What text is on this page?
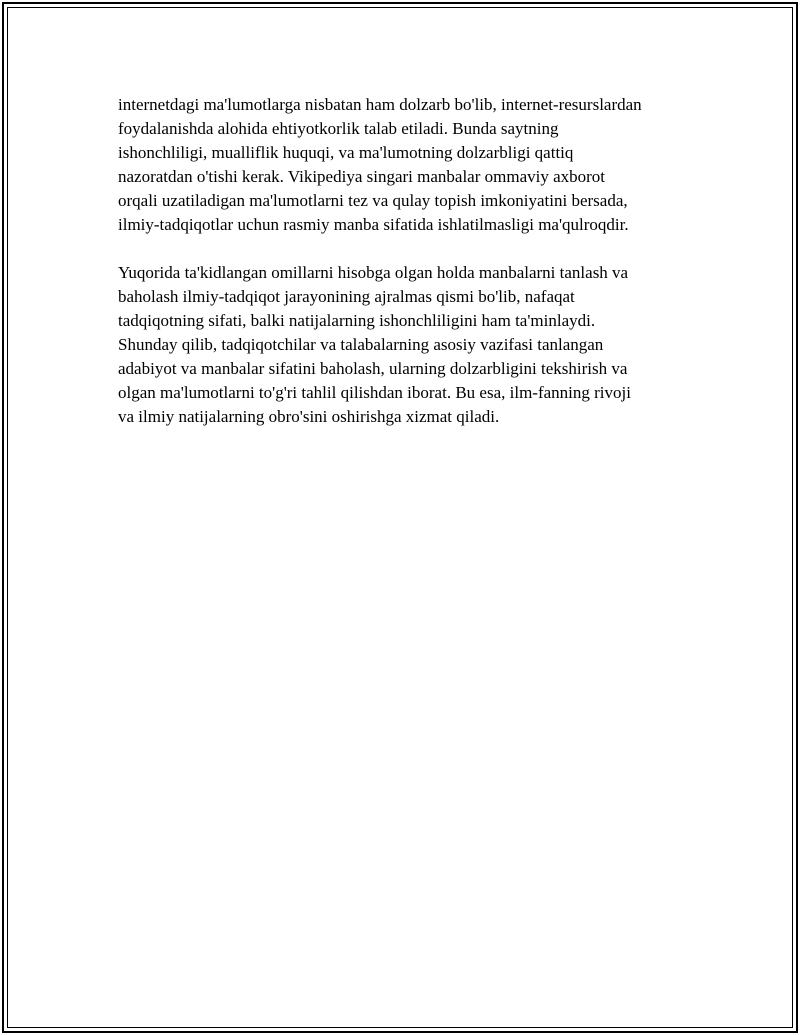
internetdagi ma'lumotlarga nisbatan ham dolzarb bo'lib, internet-resurslardan
foydalanishda alohida ehtiyotkorlik talab etiladi. Bunda saytning
ishonchliligi, mualliflik huquqi, va ma'lumotning dolzarbligi qattiq
nazoratdan o'tishi kerak. Vikipediya singari manbalar ommaviy axborot
orqali uzatiladigan ma'lumotlarni tez va qulay topish imkoniyatini bersada,
ilmiy-tadqiqotlar uchun rasmiy manba sifatida ishlatilmasligi ma'qulroqdir.

Yuqorida ta'kidlangan omillarni hisobga olgan holda manbalarni tanlash va
baholash ilmiy-tadqiqot jarayonining ajralmas qismi bo'lib, nafaqat
tadqiqotning sifati, balki natijalarning ishonchliligini ham ta'minlaydi.
Shunday qilib, tadqiqotchilar va talabalarning asosiy vazifasi tanlangan
adabiyot va manbalar sifatini baholash, ularning dolzarbligini tekshirish va
olgan ma'lumotlarni to'g'ri tahlil qilishdan iborat. Bu esa, ilm-fanning rivoji
va ilmiy natijalarning obro'sini oshirishga xizmat qiladi.
